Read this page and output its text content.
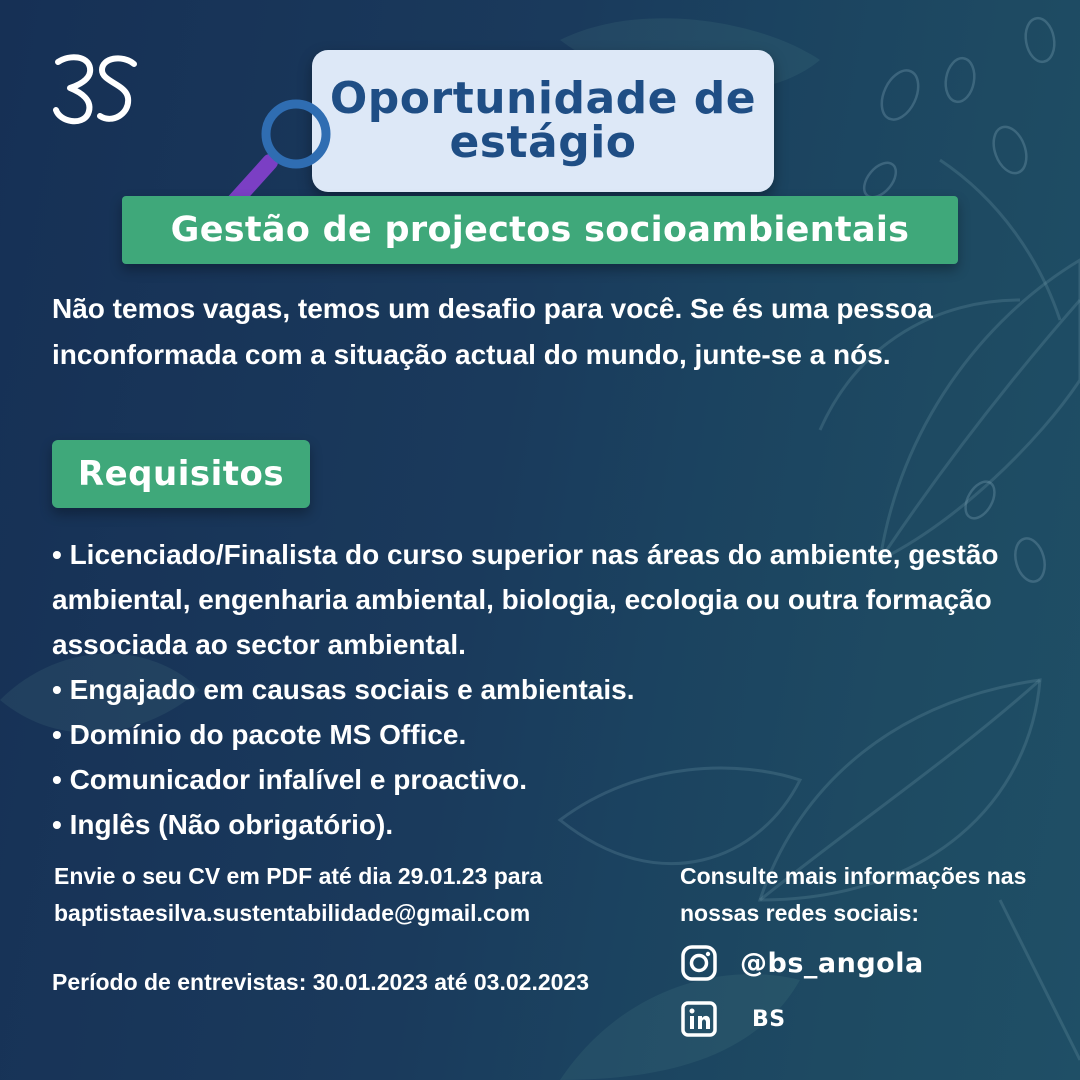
Oportunidade de
estágio
Gestão de projectos socioambientais

Não temos vagas, temos um desafio para você. Se és uma pessoa inconformada com a situação actual do mundo, junte-se a nós.

Requisitos
• Licenciado/Finalista do curso superior nas áreas do ambiente, gestão ambiental, engenharia ambiental, biologia, ecologia ou outra formação associada ao sector ambiental.
• Engajado em causas sociais e ambientais.
• Domínio do pacote MS Office.
• Comunicador infalível e proactivo.
• Inglês (Não obrigatório).

Envie o seu CV em PDF até dia 29.01.23 para baptistaesilva.sustentabilidade@gmail.com

Período de entrevistas: 30.01.2023 até 03.02.2023

Consulte mais informações nas nossas redes sociais:

@bs_angola
BS
